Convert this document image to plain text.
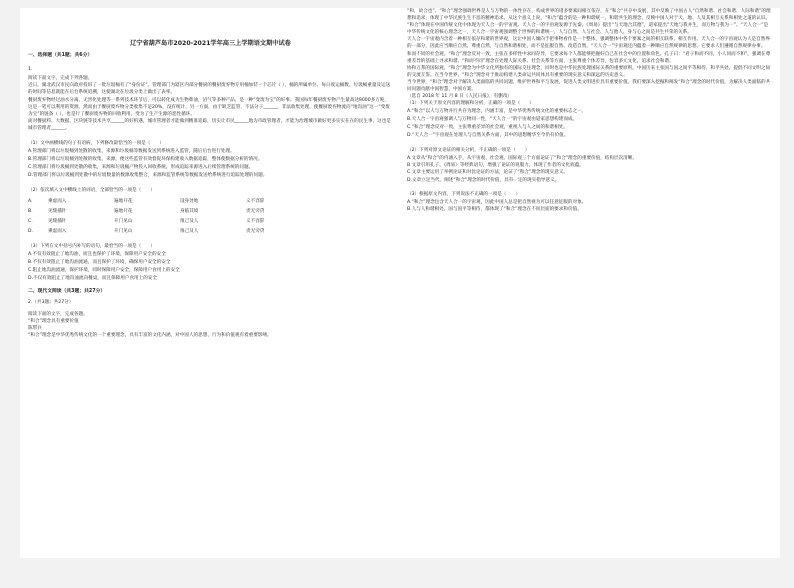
辽宁省葫芦岛市2020-2021学年高三上学期语文期中试卷
一、选择题（共1题；共6分）
1.

阅读下面文字，完成下列各题。

近日，湖北武汉市民向政府投诉了一批垃圾桶有了“身份证”。管理部门为辖区内部分餐厨的餐厨废弃物专用桶加装一个芯片（ ），桶的所属单位、每日收运桶数、垃圾桶重量及运送的时间等信息就能在后台系统追溯，这使湖北在垃圾分类上做出了表率。

餐厨废弃物经过油水分离、无害化处理等一系列技术环节后，可以转化成为生物柴油，沼气等多种产品，是一种“变废为宝”的好事。我国每年餐厨废弃物产生量高达9000多万吨，这是一笔可以利用的资源，然而由于餐厨废弃物分类收集不足20%，没有统计，另一方面，由于缺乏监管，不法分子______，非法收集处理，使餐厨废弃物流向“地沟油”这一“变废为宝”的链条（ ），也是行了餐厨废弃物的回收利用，变为了生产生源的恶性循环。

面对餐厨料、大数据、区块链等技术共享______的好机遇，城市管理者才能做到精准追踪，切实让市民______地为市政管理者，才能为治理城市做好更多实实在在的民生事，这也是城市管理者______。

（1）文中画横线的句子有语病，下列修改最恰当的一项是（　　）

A.管理部门将以垃圾桶到处散的收集，来源和垃圾桶等数据发送到系统进入监管，随后后台进行处理。

B.管理部门将以垃圾桶到处散的收集，来源，便这些监管有效督促环保构建收入数据追踪，整体使数据分析的情况。

C.管理部门将垃圾桶到处散的收集，来源和垃圾桶产物投入回收系统，形成追踪来源进入后续管理系统的问题。

D.管理部门将以垃圾桶到处散中的垃圾数量的数源收集整合，来源和监管系统等数据发送给系统进行追踪处理的问题。

（2）依次填入文中横线上的词语，全部恰当的一项是（　　）

A.	乘虚而入	遍地开花	设身处地	义不容辞
B.	见缝插针	遍地开花	身临其境	责无旁贷
C.	见缝插针	开门见山	推己及人	义不容辞
D.	乘虚而入	开门见山	推己及人	责无旁贷

（3）下列在文中括号内补写的语句，最恰当的一项是（　　）

A.不仅有效阻止了地沟油，而且也保护了环境，保障用户安全的安全

B.不仅有效阻止了地沟油流通，而且保护了环境，确保用户安全的安全

C.阻止地沟油流通，保护环境，同时保障用户安全，保障用户食用上的安全

D.不仅有效阻止了地沟油流向餐桌，而且保障用户食用上的安全

二、现代文阅读（共3题；共27分）

2.（共3题；共27分）

阅读下面的文字，完成各题。

“和合”理念具有重要价值

陈带兵

“和合”理念是中华优秀传统文化的一个重要理念，具有丰富的文化内涵，对中国人的思想、行为和价值观有着重要影响。

“和，故合也”。“和合”理念强调世界是人与万物的一体性存在，构成世界的诸多要素间相互依存，在“和合”共存中发展，其中反映了中国古人“自然和谐、社会和谐、人际和谐”的理想和追求，体现了中华民族生生不息的精神追求。从这个意义上说，“和合”蕴含的是一种和谐统一、和谐共生的理念，反映中国人对于天、地、人及其相互关系和相处之道的认识。

“和合”体现在中国传统文化中体现为天人合一的宇宙观。天人合一的宇宙观发源于先秦。《周易》提出“与天地合其德”，道家提出“天地与我并生，而万物与我为一”。“天人合一”是中华传统文化的核心理念之一，天人合一宇宙观强调整个世界的和谐统一，人与自然、人与社会、人与他人、身与心之间是共生共荣的关系。

天人合一宇宙观内含着一种相互依存和谐的世界观，这让中国人倾向于把事物看作是一个整体，强调整体中各个要素之间的相互联系、相互作用。天人合一的宇宙观认为人是自然界的一部分，因此应当顺应自然、尊重自然，与自然和谐相处，而不是征服自然、改造自然。“天人合一”宇宙观还内蕴着一种顺应自然规律的思想，它要求人们遵循自然规律办事。

和而不同的社会观。“和合”理念反对一致，主张在多样性中求同存异，它要求每个人都能够把握好自己在社会中的位置和角色。孔子曰：“君子和而不同，小人同而不和”，强调在尊重差异的基础上寻求和谐。“和而不同”理念在处理人际关系、社会关系等方面，主张尊重个体差异，包容多元文化，追求社会和谐。

协和万邦的国际观。“和合”理念为中华文化所独有的国际交往理念，同时也是中华民族处理国际关系的重要原则。中国历来主张国与国之间平等相待、和平共处，提倡不同文明之间的交流互鉴。在当今世界，“和合”理念对于推动构建人类命运共同体具有重要的现实意义和深远的历史意义。

当今世界，“和合”理念对于解决人类面临的共同问题，维护世界和平与发展，促进人类文明进步具有重要价值。我们要深入挖掘和阐发“和合”理念的时代价值，为解决人类面临的共同问题贡献中国智慧、中国方案。

（选自 2018 年 11 月 8 日《人民日报》，有删改）

（1）下列关于原文内容的理解和分析，正确的一项是（　　）

A.“和合”以人与万物并行共存为理念，内涵丰富，是中华优秀传统文化的重要标志之一。

B.天人合一宇宙观强调人与万物同一性，“天人合一”的宇宙观由道家思想构建而成。

C.“和合”理念反对一致，主张尊重差异的社会观，重视人与人之间的和谐相处。

D.“天人合一”宇宙观在处理人与自然关系方面，其中的思想精华至今仍有价值。

（2）下列对原文论证的相关分析，不正确的一项是（　　）

A.文章从“和合”的内涵入手，从宇宙观、社会观、国际观三个方面论证了“和合”理念的重要价值，结构层次清晰。

B.文章引用孔子、《周易》等经典语句，增强了论证的说服力，体现了作者的文化底蕴。

C.文章主要运用了举例论证和对比论证的方法，论证了“和合”理念的现实意义。

D.文章立足当代，阐述“和合”理念的时代价值，具有一定的现实指导意义。

（3）根据原文内容，下列说法不正确的一项是（　　）

A.“和合”理念包含天人合一的宇宙观，因此中国人总是把自然视为可以任意征服的对象。

B.人与人和谐相处、国与国平等相待，都体现了“和合”理念在不同层面的要求和价值。
